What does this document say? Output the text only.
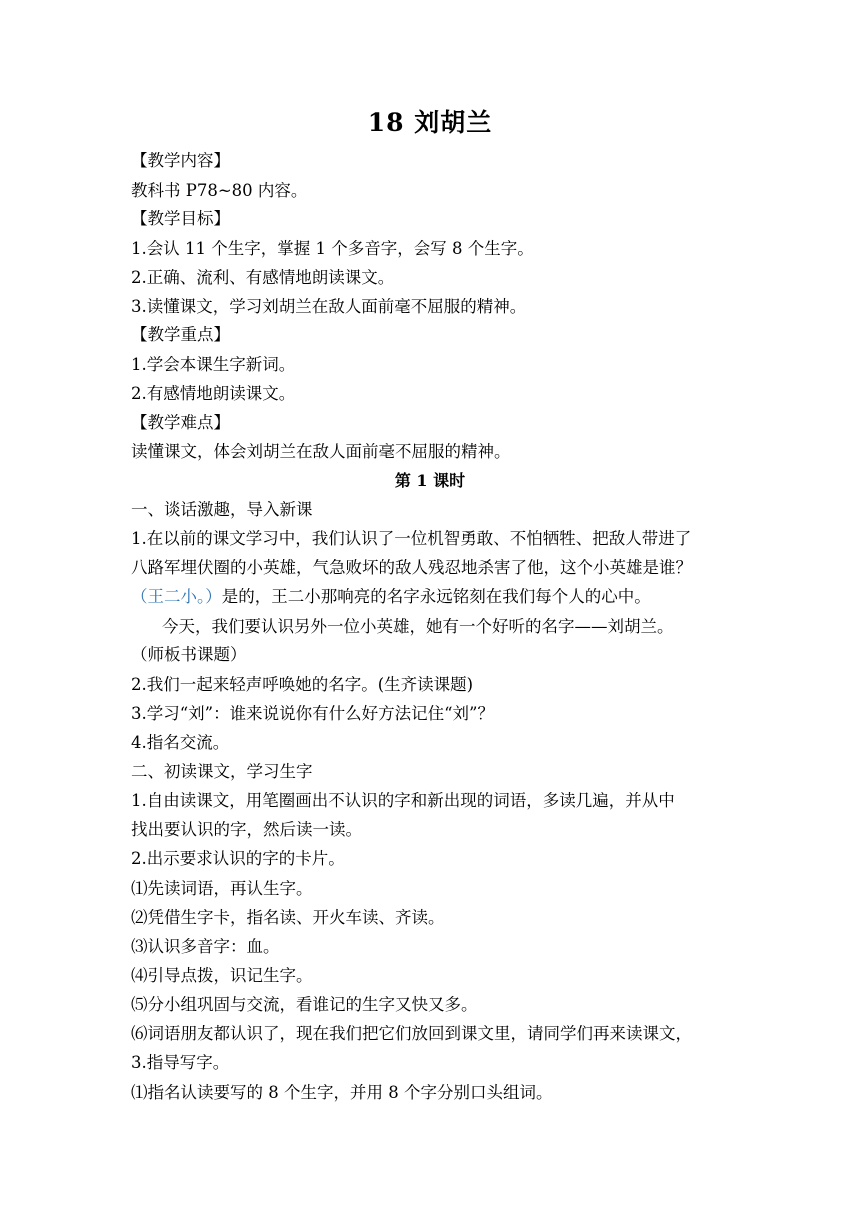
18 刘胡兰
【教学内容】
教科书 P78~80 内容。
【教学目标】
1.会认 11 个生字，掌握 1 个多音字，会写 8 个生字。
2.正确、流利、有感情地朗读课文。
3.读懂课文，学习刘胡兰在敌人面前毫不屈服的精神。
【教学重点】
1.学会本课生字新词。
2.有感情地朗读课文。
【教学难点】
读懂课文，体会刘胡兰在敌人面前毫不屈服的精神。
第 1 课时
一、谈话激趣，导入新课
1.在以前的课文学习中，我们认识了一位机智勇敢、不怕牺牲、把敌人带进了
八路军埋伏圈的小英雄，气急败坏的敌人残忍地杀害了他，这个小英雄是谁？
（王二小。）是的，王二小那响亮的名字永远铭刻在我们每个人的心中。
今天，我们要认识另外一位小英雄，她有一个好听的名字——刘胡兰。
（师板书课题）
2.我们一起来轻声呼唤她的名字。(生齐读课题)
3.学习“刘”：谁来说说你有什么好方法记住“刘”？
4.指名交流。
二、初读课文，学习生字
1.自由读课文，用笔圈画出不认识的字和新出现的词语，多读几遍，并从中
找出要认识的字，然后读一读。
2.出示要求认识的字的卡片。
⑴先读词语，再认生字。
⑵凭借生字卡，指名读、开火车读、齐读。
⑶认识多音字：血。
⑷引导点拨，识记生字。
⑸分小组巩固与交流，看谁记的生字又快又多。
⑹词语朋友都认识了，现在我们把它们放回到课文里，请同学们再来读课文，
3.指导写字。
⑴指名认读要写的 8 个生字，并用 8 个字分别口头组词。
